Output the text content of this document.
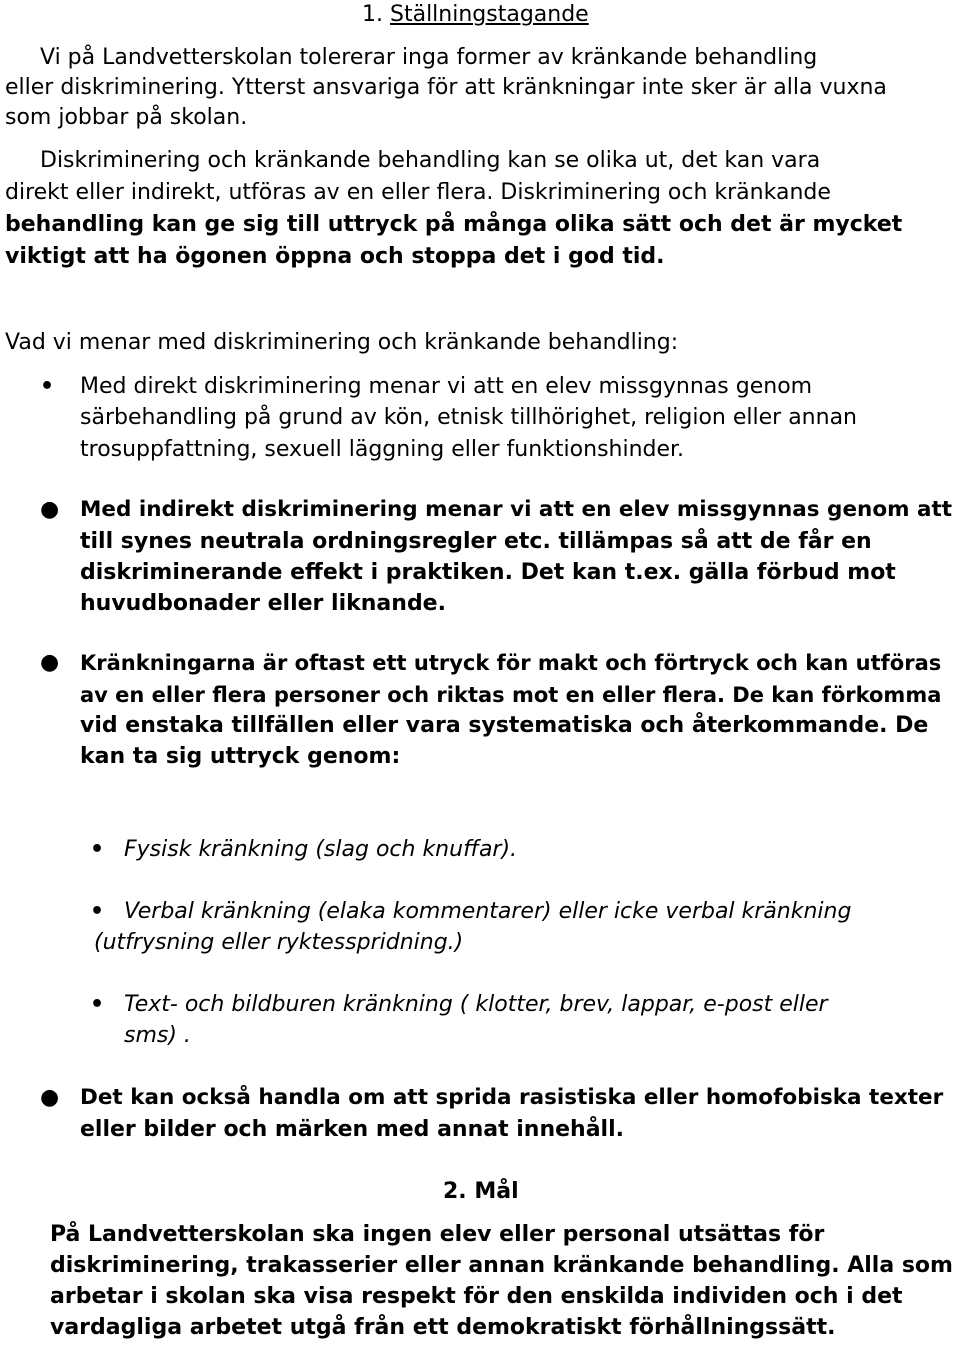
1. Ställningstagande
Vi på Landvetterskolan tolererar inga former av kränkande behandling
eller diskriminering. Ytterst ansvariga för att kränkningar inte sker är alla vuxna
som jobbar på skolan.
Diskriminering och kränkande behandling kan se olika ut, det kan vara
direkt eller indirekt, utföras av en eller flera. Diskriminering och kränkande
behandling kan ge sig till uttryck på många olika sätt och det är mycket
viktigt att ha ögonen öppna och stoppa det i god tid.
Vad vi menar med diskriminering och kränkande behandling:
• Med direkt diskriminering menar vi att en elev missgynnas genom
särbehandling på grund av kön, etnisk tillhörighet, religion eller annan
trosuppfattning, sexuell läggning eller funktionshinder.
● Med indirekt diskriminering menar vi att en elev missgynnas genom att
till synes neutrala ordningsregler etc. tillämpas så att de får en
diskriminerande effekt i praktiken. Det kan t.ex. gälla förbud mot
huvudbonader eller liknande.
● Kränkningarna är oftast ett utryck för makt och förtryck och kan utföras
av en eller flera personer och riktas mot en eller flera. De kan förkomma
vid enstaka tillfällen eller vara systematiska och återkommande. De
kan ta sig uttryck genom:
• Fysisk kränkning (slag och knuffar).
• Verbal kränkning (elaka kommentarer) eller icke verbal kränkning
(utfrysning eller ryktesspridning.)
• Text- och bildburen kränkning ( klotter, brev, lappar, e-post eller
sms) .
● Det kan också handla om att sprida rasistiska eller homofobiska texter
eller bilder och märken med annat innehåll.
2. Mål
På Landvetterskolan ska ingen elev eller personal utsättas för
diskriminering, trakasserier eller annan kränkande behandling. Alla som
arbetar i skolan ska visa respekt för den enskilda individen och i det
vardagliga arbetet utgå från ett demokratiskt förhållningssätt.
